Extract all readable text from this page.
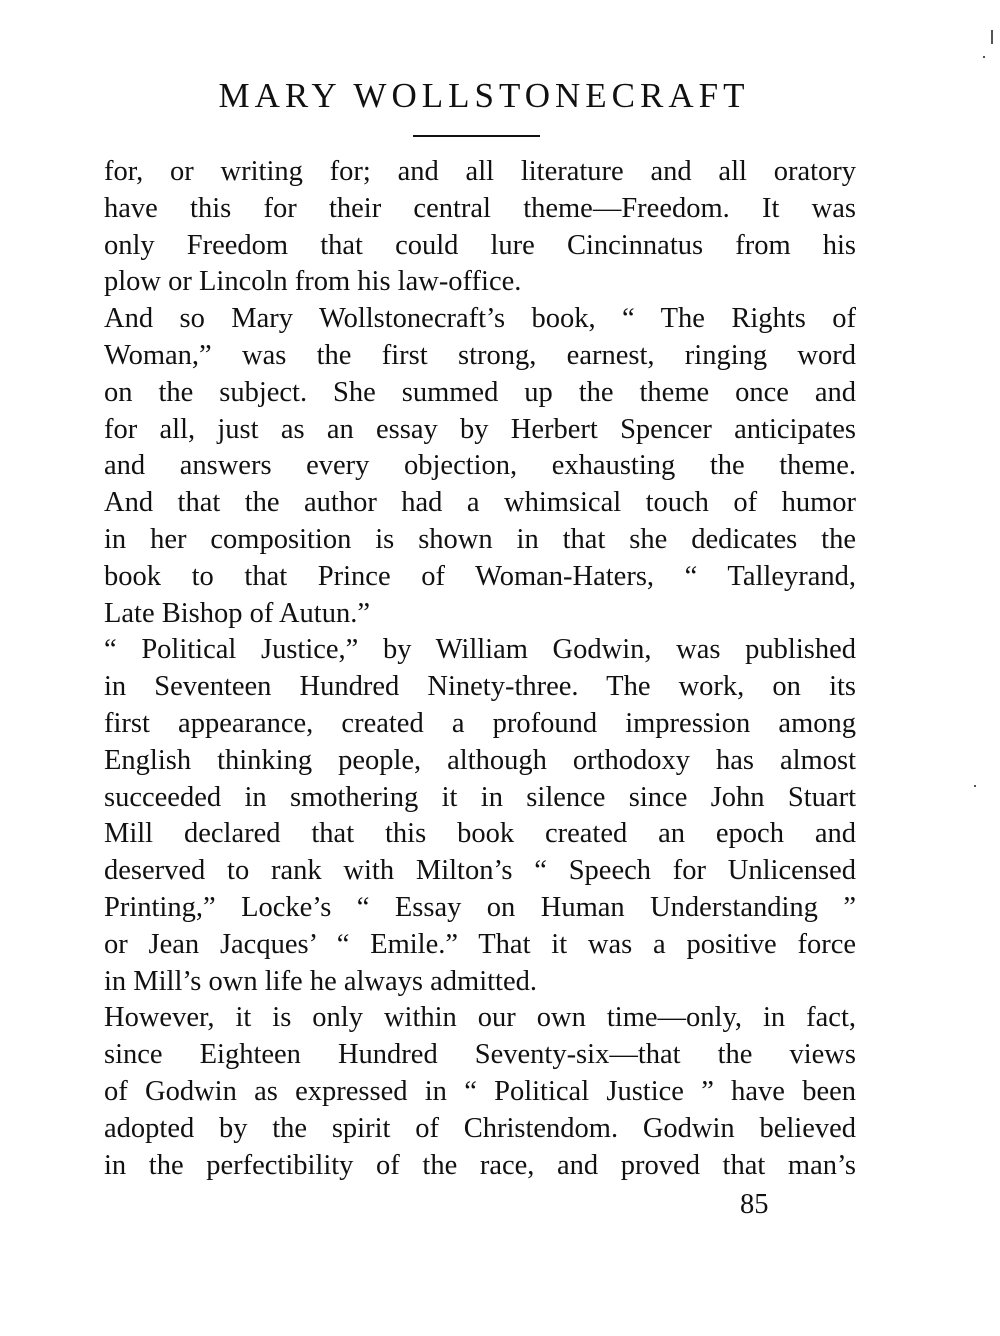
MARY WOLLSTONECRAFT
for, or writing for; and all literature and all oratory
have this for their central theme—Freedom. It was
only Freedom that could lure Cincinnatus from his
plow or Lincoln from his law-office.
And so Mary Wollstonecraft’s book, “ The Rights of
Woman,” was the first strong, earnest, ringing word
on the subject. She summed up the theme once and
for all, just as an essay by Herbert Spencer anticipates
and answers every objection, exhausting the theme.
And that the author had a whimsical touch of humor
in her composition is shown in that she dedicates the
book to that Prince of Woman-Haters, “ Talleyrand,
Late Bishop of Autun.”
“ Political Justice,” by William Godwin, was published
in Seventeen Hundred Ninety-three. The work, on its
first appearance, created a profound impression among
English thinking people, although orthodoxy has almost
succeeded in smothering it in silence since John Stuart
Mill declared that this book created an epoch and
deserved to rank with Milton’s “ Speech for Unlicensed
Printing,” Locke’s “ Essay on Human Understanding ”
or Jean Jacques’ “ Emile.” That it was a positive force
in Mill’s own life he always admitted.
However, it is only within our own time—only, in fact,
since Eighteen Hundred Seventy-six—that the views
of Godwin as expressed in “ Political Justice ” have been
adopted by the spirit of Christendom. Godwin believed
in the perfectibility of the race, and proved that man’s
85
